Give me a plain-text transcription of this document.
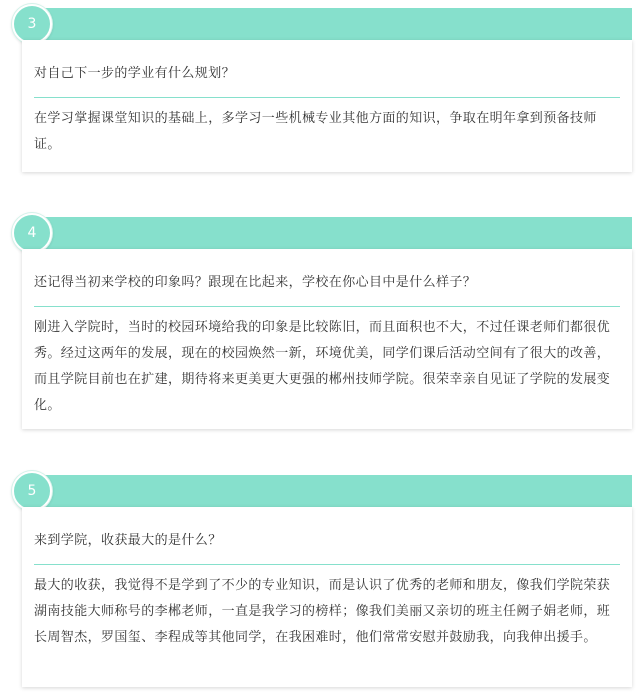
3

对自己下一步的学业有什么规划？

在学习掌握课堂知识的基础上，多学习一些机械专业其他方面的知识，争取在明年拿到预备技师证。

4

还记得当初来学校的印象吗？跟现在比起来，学校在你心目中是什么样子？

刚进入学院时，当时的校园环境给我的印象是比较陈旧，而且面积也不大，不过任课老师们都很优秀。经过这两年的发展，现在的校园焕然一新，环境优美，同学们课后活动空间有了很大的改善，而且学院目前也在扩建，期待将来更美更大更强的郴州技师学院。很荣幸亲自见证了学院的发展变化。

5

来到学院，收获最大的是什么？

最大的收获，我觉得不是学到了不少的专业知识，而是认识了优秀的老师和朋友，像我们学院荣获湖南技能大师称号的李郴老师，一直是我学习的榜样；像我们美丽又亲切的班主任阙子娟老师，班长周智杰，罗国玺、李程成等其他同学，在我困难时，他们常常安慰并鼓励我，向我伸出援手。
